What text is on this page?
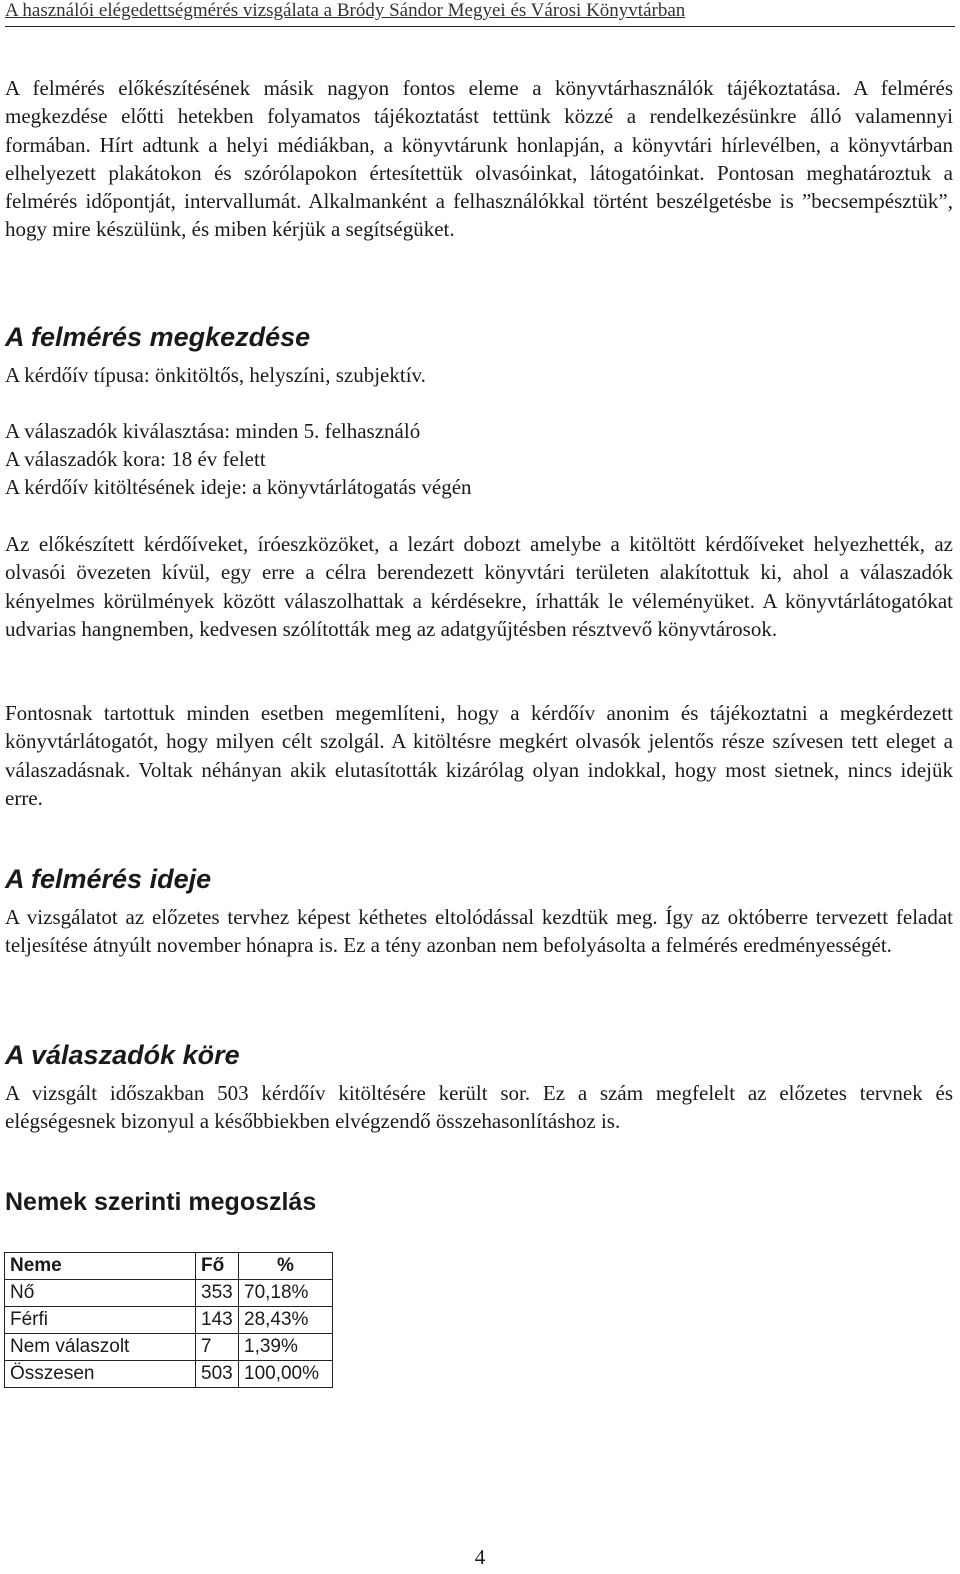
A használói elégedettségmérés vizsgálata a Bródy Sándor Megyei és Városi Könyvtárban

A felmérés előkészítésének másik nagyon fontos eleme a könyvtárhasználók tájékoztatása. A felmérés megkezdése előtti hetekben folyamatos tájékoztatást tettünk közzé a rendelkezésünkre álló valamennyi formában. Hírt adtunk a helyi médiákban, a könyvtárunk honlapján, a könyvtári hírlevélben, a könyvtárban elhelyezett plakátokon és szórólapokon értesítettük olvasóinkat, látogatóinkat. Pontosan meghatároztuk a felmérés időpontját, intervallumát. Alkalmanként a felhasználókkal történt beszélgetésbe is ”becsempésztük”, hogy mire készülünk, és miben kérjük a segítségüket.

A felmérés megkezdése

A kérdőív típusa: önkitöltős, helyszíni, szubjektív.

A válaszadók kiválasztása: minden 5. felhasználó

A válaszadók kora: 18 év felett

A kérdőív kitöltésének ideje: a könyvtárlátogatás végén

Az előkészített kérdőíveket, íróeszközöket, a lezárt dobozt amelybe a kitöltött kérdőíveket helyezhették, az olvasói övezeten kívül, egy erre a célra berendezett könyvtári területen alakítottuk ki, ahol a válaszadók kényelmes körülmények között válaszolhattak a kérdésekre, írhatták le véleményüket. A könyvtárlátogatókat udvarias hangnemben, kedvesen szólították meg az adatgyűjtésben résztvevő könyvtárosok.

Fontosnak tartottuk minden esetben megemlíteni, hogy a kérdőív anonim és tájékoztatni a megkérdezett könyvtárlátogatót, hogy milyen célt szolgál. A kitöltésre megkért olvasók jelentős része szívesen tett eleget a válaszadásnak. Voltak néhányan akik elutasították kizárólag olyan indokkal, hogy most sietnek, nincs idejük erre.

A felmérés ideje

A vizsgálatot az előzetes tervhez képest kéthetes eltolódással kezdtük meg. Így az októberre tervezett feladat teljesítése átnyúlt november hónapra is. Ez a tény azonban nem befolyásolta a felmérés eredményességét.

A válaszadók köre

A vizsgált időszakban 503 kérdőív kitöltésére került sor. Ez a szám megfelelt az előzetes tervnek és elégségesnek bizonyul a későbbiekben elvégzendő összehasonlításhoz is.

Nemek szerinti megoszlás
Neme	Fő	%
Nő	353	70,18%
Férfi	143	28,43%
Nem válaszolt	7	1,39%
Összesen	503	100,00%
4
